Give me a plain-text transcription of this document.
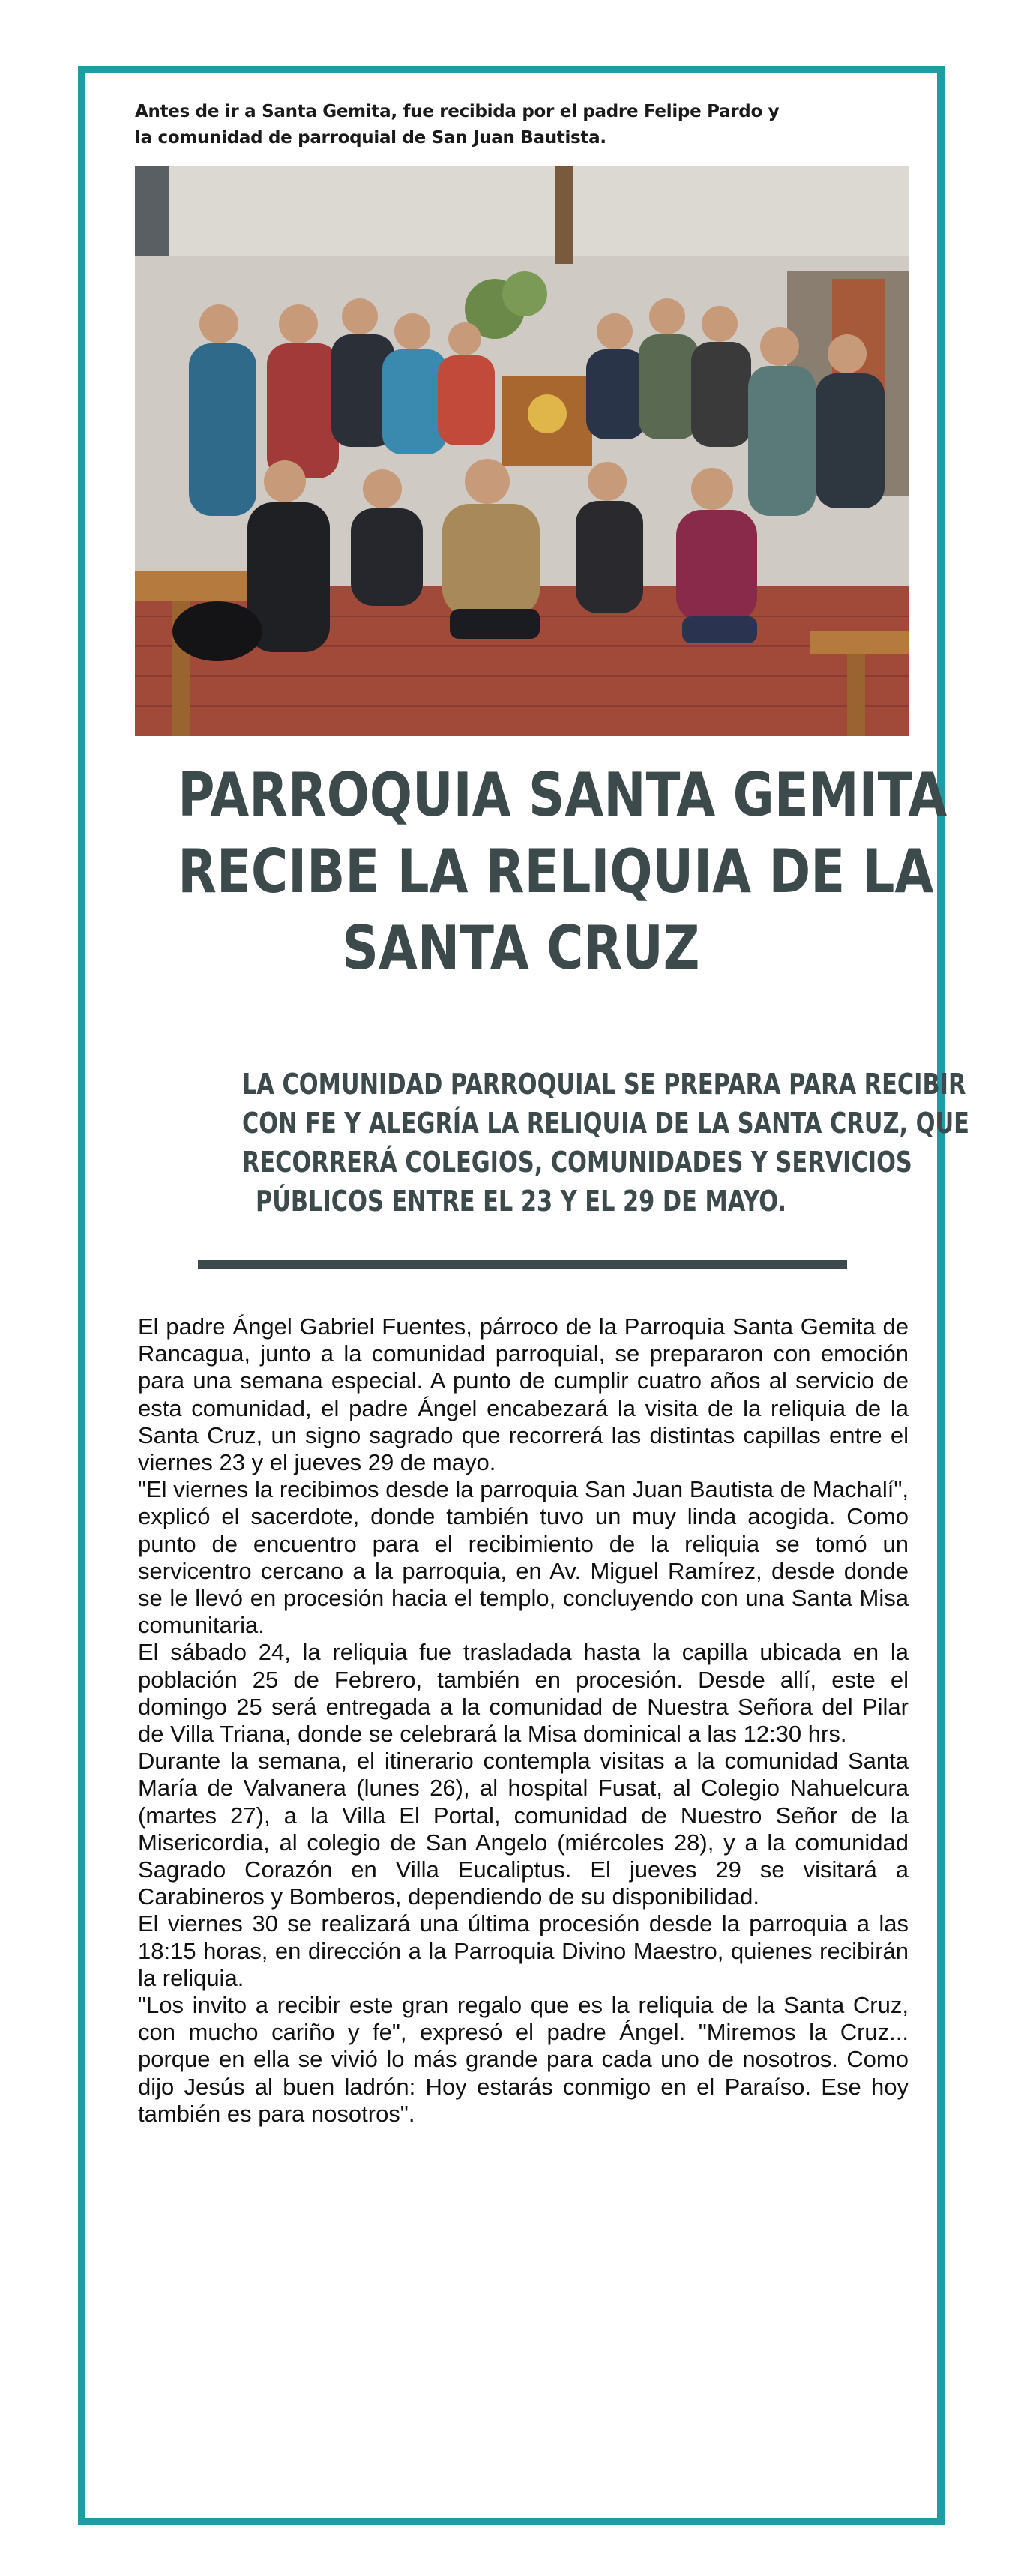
Antes de ir a Santa Gemita, fue recibida por el padre Felipe Pardo y la comunidad de parroquial de San Juan Bautista.
PARROQUIA SANTA GEMITA
RECIBE LA RELIQUIA DE LA
SANTA CRUZ
LA COMUNIDAD PARROQUIAL SE PREPARA PARA RECIBIR
CON FE Y ALEGRÍA LA RELIQUIA DE LA SANTA CRUZ, QUE
RECORRERÁ COLEGIOS, COMUNIDADES Y SERVICIOS
PÚBLICOS ENTRE EL 23 Y EL 29 DE MAYO.

El padre Ángel Gabriel Fuentes, párroco de la Parroquia Santa Gemita de Rancagua, junto a la comunidad parroquial, se prepararon con emoción para una semana especial. A punto de cumplir cuatro años al servicio de esta comunidad, el padre Ángel encabezará la visita de la reliquia de la Santa Cruz, un signo sagrado que recorrerá las distintas capillas entre el viernes 23 y el jueves 29 de mayo.

"El viernes la recibimos desde la parroquia San Juan Bautista de Machalí", explicó el sacerdote, donde también tuvo un muy linda acogida. Como punto de encuentro para el recibimiento de la reliquia se tomó un servicentro cercano a la parroquia, en Av. Miguel Ramírez, desde donde se le llevó en procesión hacia el templo, concluyendo con una Santa Misa comunitaria.

El sábado 24, la reliquia fue trasladada hasta la capilla ubicada en la población 25 de Febrero, también en procesión. Desde allí, este el domingo 25 será entregada a la comunidad de Nuestra Señora del Pilar de Villa Triana, donde se celebrará la Misa dominical a las 12:30 hrs.

Durante la semana, el itinerario contempla visitas a la comunidad Santa María de Valvanera (lunes 26), al hospital Fusat, al Colegio Nahuelcura (martes 27), a la Villa El Portal, comunidad de Nuestro Señor de la Misericordia, al colegio de San Angelo (miércoles 28), y a la comunidad Sagrado Corazón en Villa Eucaliptus. El jueves 29 se visitará a Carabineros y Bomberos, dependiendo de su disponibilidad.

El viernes 30 se realizará una última procesión desde la parroquia a las 18:15 horas, en dirección a la Parroquia Divino Maestro, quienes recibirán la reliquia.

"Los invito a recibir este gran regalo que es la reliquia de la Santa Cruz, con mucho cariño y fe", expresó el padre Ángel. "Miremos la Cruz... porque en ella se vivió lo más grande para cada uno de nosotros. Como dijo Jesús al buen ladrón: Hoy estarás conmigo en el Paraíso. Ese hoy también es para nosotros".
